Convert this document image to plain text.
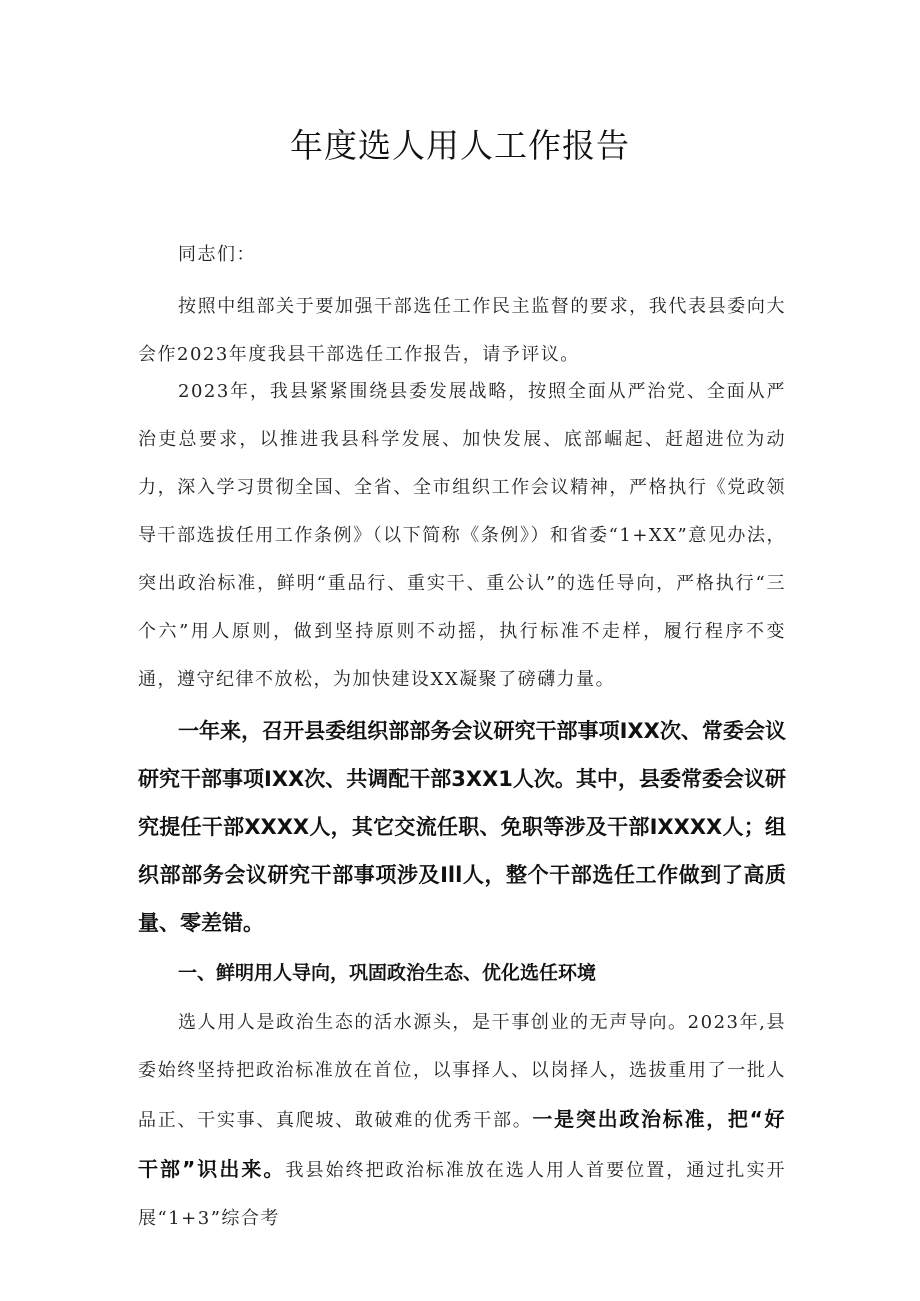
年度选人用人工作报告

同志们：

按照中组部关于要加强干部选任工作民主监督的要求，我代表县委向大会作2023年度我县干部选任工作报告，请予评议。

2023年，我县紧紧围绕县委发展战略，按照全面从严治党、全面从严治吏总要求，以推进我县科学发展、加快发展、底部崛起、赶超进位为动力，深入学习贯彻全国、全省、全市组织工作会议精神，严格执行《党政领导干部选拔任用工作条例》（以下简称《条例》）和省委“1+XX”意见办法，突出政治标准，鲜明“重品行、重实干、重公认”的选任导向，严格执行“三个六”用人原则，做到坚持原则不动摇，执行标准不走样，履行程序不变通，遵守纪律不放松，为加快建设XX凝聚了磅礴力量。

一年来，召开县委组织部部务会议研究干部事项IXX次、常委会议研究干部事项IXX次、共调配干部3XX1人次。其中，县委常委会议研究提任干部XXXX人，其它交流任职、免职等涉及干部IXXXX人；组织部部务会议研究干部事项涉及Ill人，整个干部选任工作做到了高质量、零差错。

一、鲜明用人导向，巩固政治生态、优化选任环境

选人用人是政治生态的活水源头，是干事创业的无声导向。2023年,县委始终坚持把政治标准放在首位，以事择人、以岗择人，选拔重用了一批人品正、干实事、真爬坡、敢破难的优秀干部。一是突出政治标准，把“好干部”识出来。我县始终把政治标准放在选人用人首要位置，通过扎实开展“1+3”综合考
